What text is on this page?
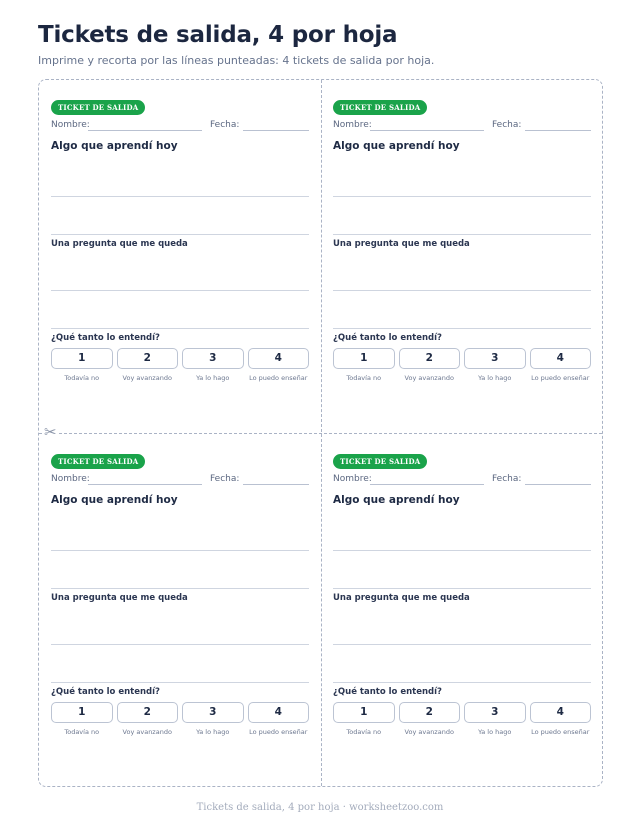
Tickets de salida, 4 por hoja
Imprime y recorta por las líneas punteadas: 4 tickets de salida por hoja.
✂
TICKET DE SALIDA
Nombre:	Fecha:
Algo que aprendí hoy
Una pregunta que me queda
¿Qué tanto lo entendí?
1
Todavía no
2
Voy avanzando
3
Ya lo hago
4
Lo puedo enseñar
TICKET DE SALIDA
Nombre:	Fecha:
Algo que aprendí hoy
Una pregunta que me queda
¿Qué tanto lo entendí?
1
Todavía no
2
Voy avanzando
3
Ya lo hago
4
Lo puedo enseñar
TICKET DE SALIDA
Nombre:	Fecha:
Algo que aprendí hoy
Una pregunta que me queda
¿Qué tanto lo entendí?
1
Todavía no
2
Voy avanzando
3
Ya lo hago
4
Lo puedo enseñar
TICKET DE SALIDA
Nombre:	Fecha:
Algo que aprendí hoy
Una pregunta que me queda
¿Qué tanto lo entendí?
1
Todavía no
2
Voy avanzando
3
Ya lo hago
4
Lo puedo enseñar
Tickets de salida, 4 por hoja · worksheetzoo.com
